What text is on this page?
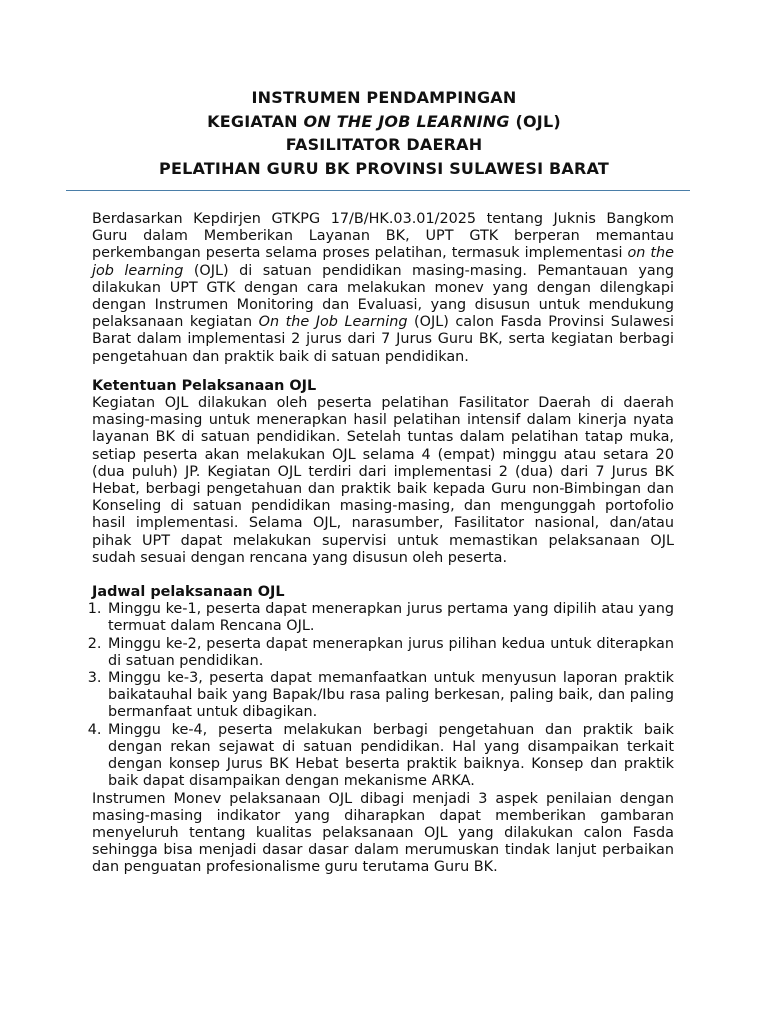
INSTRUMEN PENDAMPINGAN
KEGIATAN ON THE JOB LEARNING (OJL)
FASILITATOR DAERAH
PELATIHAN GURU BK PROVINSI SULAWESI BARAT

Berdasarkan Kepdirjen GTKPG 17/B/HK.03.01/2025 tentang Juknis Bangkom Guru dalam Memberikan Layanan BK, UPT GTK berperan memantau perkembangan peserta selama proses pelatihan, termasuk implementasi on the job learning (OJL) di satuan pendidikan masing-masing. Pemantauan yang dilakukan UPT GTK dengan cara melakukan monev yang dengan dilengkapi dengan Instrumen Monitoring dan Evaluasi, yang disusun untuk mendukung pelaksanaan kegiatan On the Job Learning (OJL) calon Fasda Provinsi Sulawesi Barat dalam implementasi 2 jurus dari 7 Jurus Guru BK, serta kegiatan berbagi pengetahuan dan praktik baik di satuan pendidikan.

Ketentuan Pelaksanaan OJL

Kegiatan OJL dilakukan oleh peserta pelatihan Fasilitator Daerah di daerah masing-masing untuk menerapkan hasil pelatihan intensif dalam kinerja nyata layanan BK di satuan pendidikan. Setelah tuntas dalam pelatihan tatap muka, setiap peserta akan melakukan OJL selama 4 (empat) minggu atau setara 20 (dua puluh) JP. Kegiatan OJL terdiri dari implementasi 2 (dua) dari 7 Jurus BK Hebat, berbagi pengetahuan dan praktik baik kepada Guru non-Bimbingan dan Konseling di satuan pendidikan masing-masing, dan mengunggah portofolio hasil implementasi. Selama OJL, narasumber, Fasilitator nasional, dan/atau pihak UPT dapat melakukan supervisi untuk memastikan pelaksanaan OJL sudah sesuai dengan rencana yang disusun oleh peserta.

Jadwal pelaksanaan OJL

1. Minggu ke-1, peserta dapat menerapkan jurus pertama yang dipilih atau yang termuat dalam Rencana OJL.
2. Minggu ke-2, peserta dapat menerapkan jurus pilihan kedua untuk diterapkan di satuan pendidikan.
3. Minggu ke-3, peserta dapat memanfaatkan untuk menyusun laporan praktik baikatauhal baik yang Bapak/Ibu rasa paling berkesan, paling baik, dan paling bermanfaat untuk dibagikan.
4. Minggu ke-4, peserta melakukan berbagi pengetahuan dan praktik baik dengan rekan sejawat di satuan pendidikan. Hal yang disampaikan terkait dengan konsep Jurus BK Hebat beserta praktik baiknya. Konsep dan praktik baik dapat disampaikan dengan mekanisme ARKA.

Instrumen Monev pelaksanaan OJL dibagi menjadi 3 aspek penilaian dengan masing-masing indikator yang diharapkan dapat memberikan gambaran menyeluruh tentang kualitas pelaksanaan OJL yang dilakukan calon Fasda sehingga bisa menjadi dasar dasar dalam merumuskan tindak lanjut perbaikan dan penguatan profesionalisme guru terutama Guru BK.
